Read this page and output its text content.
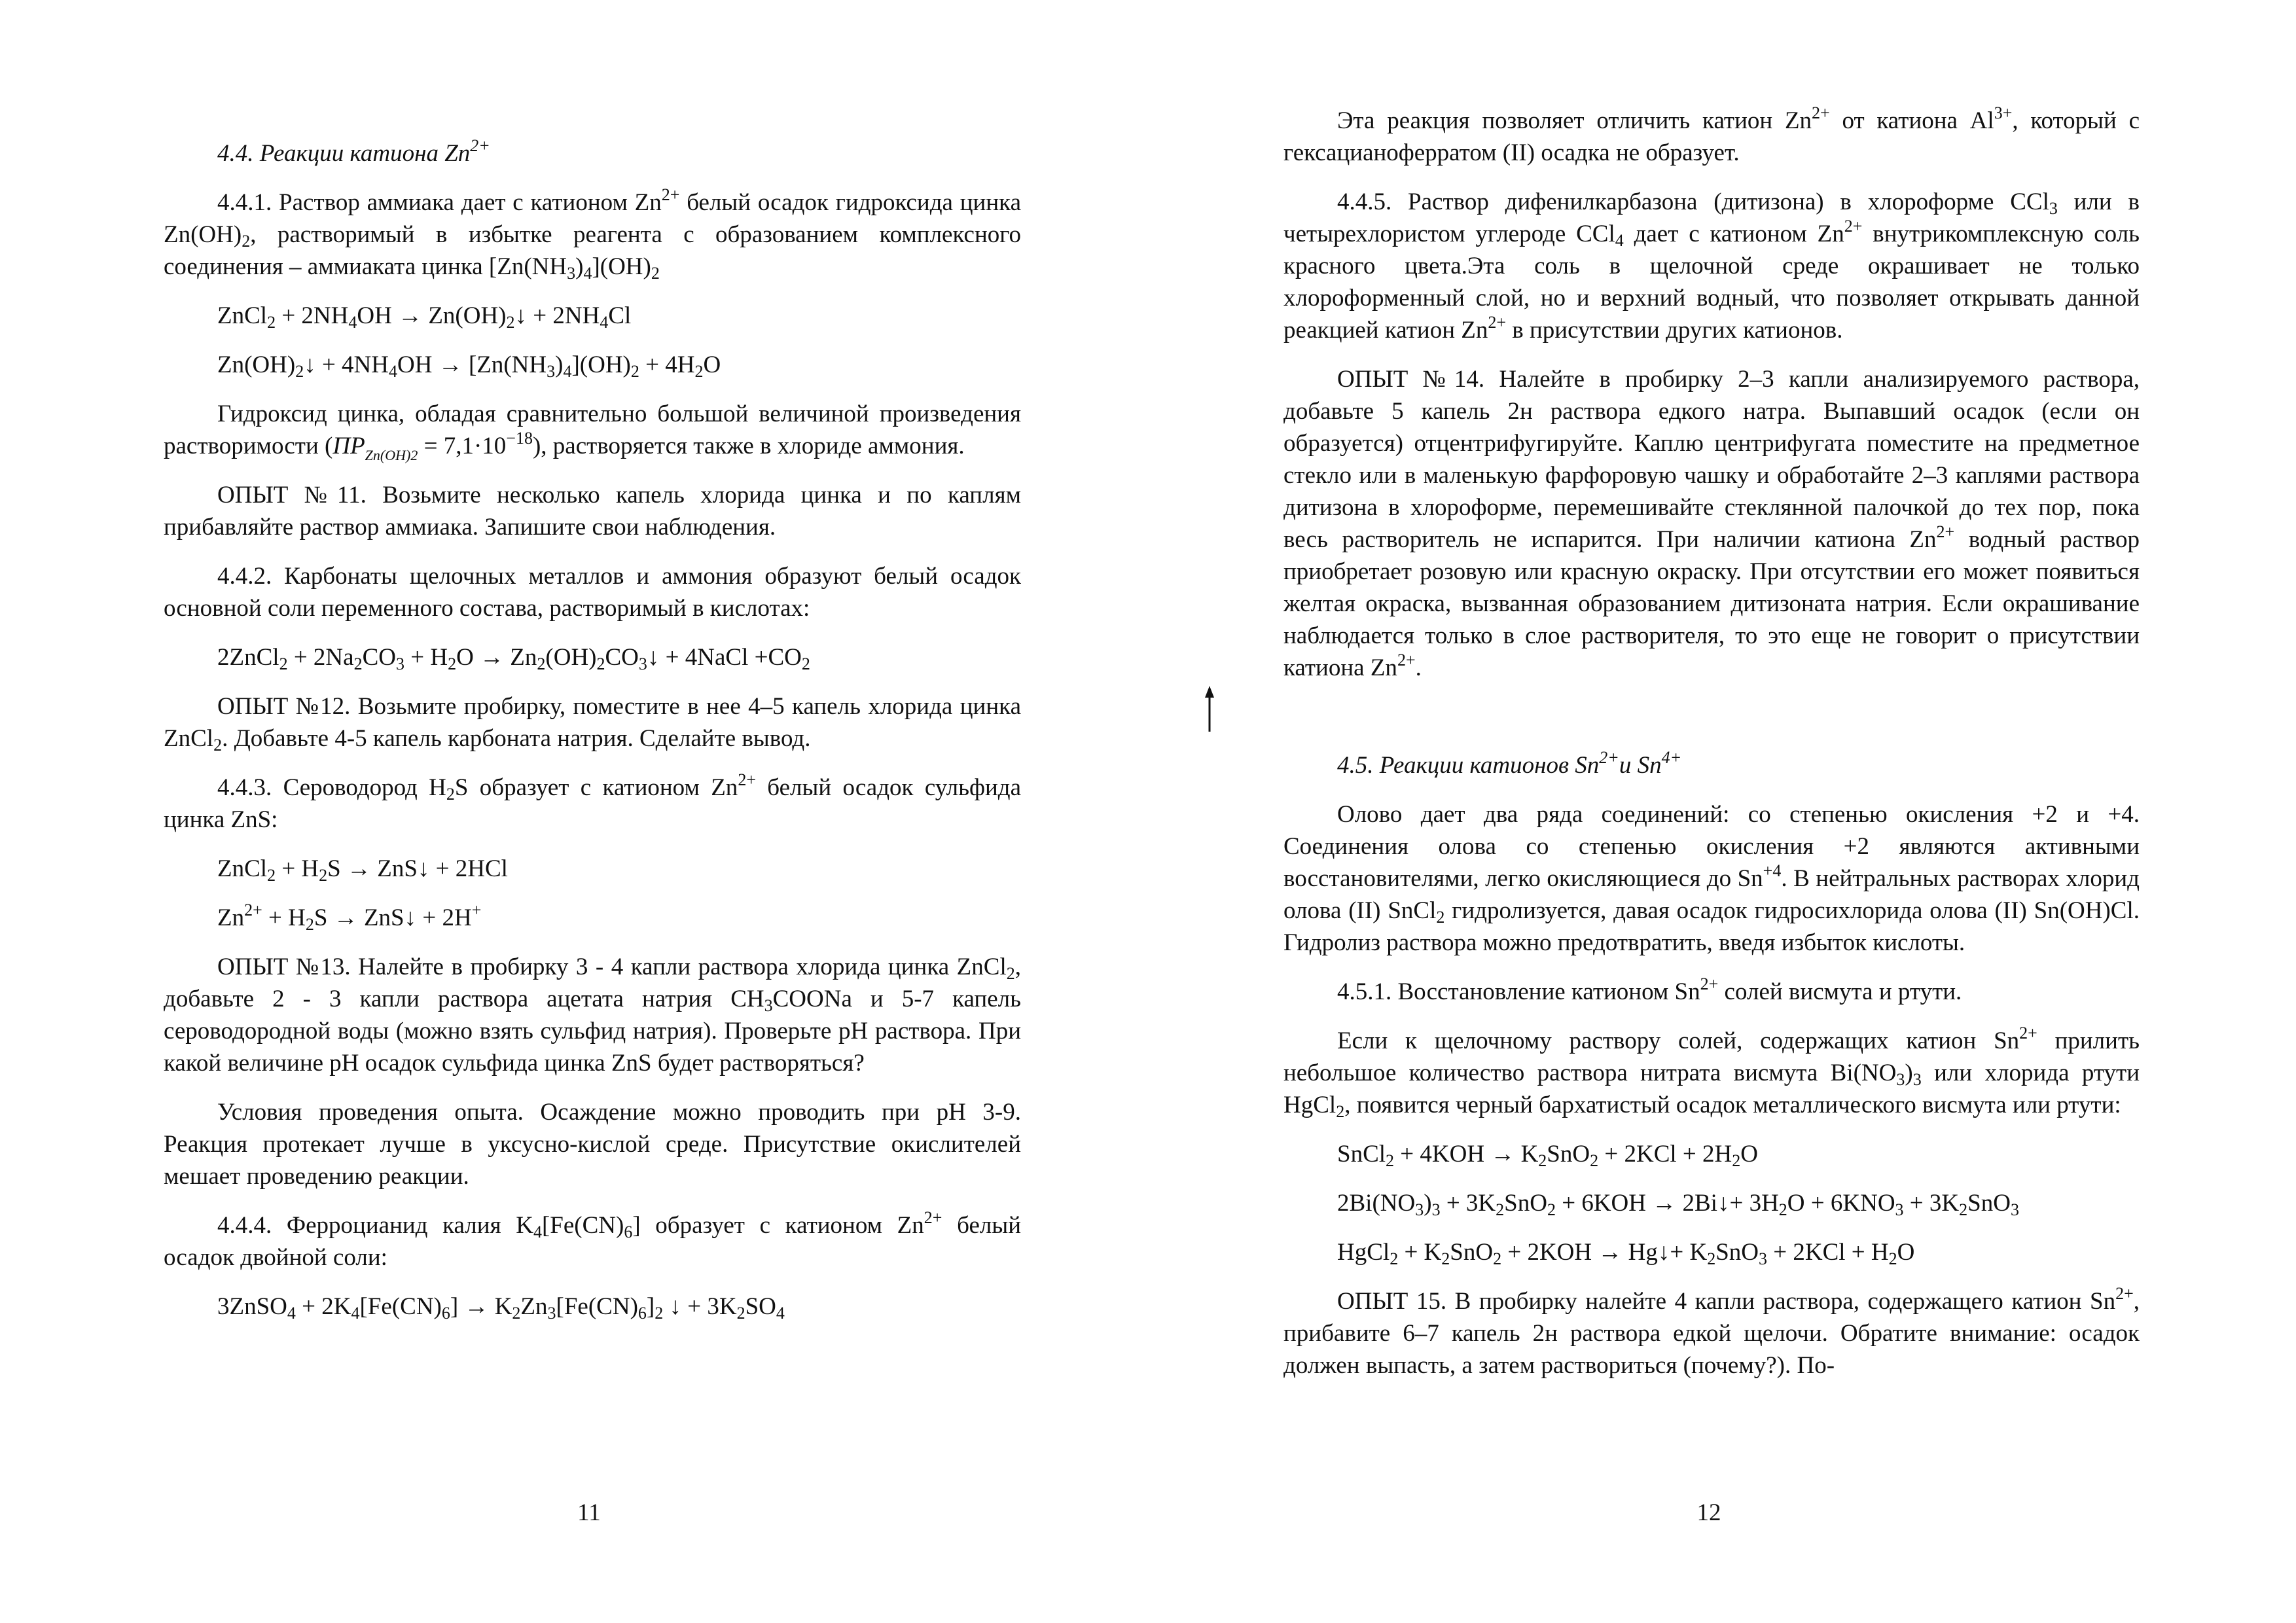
4.4. Реакции катиона $Zn^{2+}$

4.4.1. Раствор аммиака дает с катионом $Zn^{2+}$ белый осадок гидроксида цинка $Zn(OH)_2$, растворимый в избытке реагента с образованием комплексного соединения – аммиаката цинка $[Zn(NH_3)_4](OH)_2$

ZnCl$_2$ + $2NH_4OH$ → $Zn(OH)_2↓ + 2NH_4Cl$
$Zn(OH)_2↓ + 4NH_4OH \to [Zn(NH_3)_4](OH)_2 + 4H_2O$

Гидроксид цинка, обладая сравнительно большой величиной произведения растворимости $(ПР_{Zn(OH)2} = 7,1\cdot 10^{-18})$, растворяется также в хлориде аммония.

ОПЫТ №11. Возьмите несколько капель хлорида цинка и по каплям прибавляйте раствор аммиака. Запишите свои наблюдения.

4.4.2. Карбонаты щелочных металлов и аммония образуют белый осадок основной соли переменного состава, растворимый в кислотах:

2ZnCl$_2$ + $2Na_2CO_3 + H_2O$ → $Zn_2(OH)_2CO_3↓$ + 4NaCl $+CO_2$

ОПЫТ №12. Возьмите пробирку, поместите в нее 4–5 капель хлорида цинка ZnCl$_2$. Добавьте 4-5 капель карбоната натрия. Сделайте вывод.

4.4.3. Сероводород $H_2S$ образует с катионом $Zn^{2+}$ белый осадок сульфида цинка ZnS:

ZnCl$_2$ + $H_2S$ → ZnS↓ + 2HCl
$Zn^{2+} + H_2S$ → ZnS↓ + 2H+

ОПЫТ №13. Налейте в пробирку 3 - 4 капли раствора хлорида цинка ZnCl$_2$, добавьте 2 - 3 капли раствора ацетата натрия $CH_3COONa$ и 5-7 капель сероводородной воды (можно взять сульфид натрия). Проверьте pH раствора. При какой величине pH осадок сульфида цинка ZnS будет растворяться?

Условия проведения опыта. Осаждение можно проводить при pH 3-9. Реакция протекает лучше в уксусно-кислой среде. Присутствие окислителей мешает проведению реакции.

4.4.4. Ферроцианид калия $K_4[Fe(CN)_6]$ образует с катионом $Zn^{2+}$ белый осадок двойной соли:

3ZnSO$_4$ + $2K_4[Fe(CN)_6] \to K_2Zn_3[Fe(CN)_6]_2$ ↓ + $3K_2SO_4$
11

Эта реакция позволяет отличить катион $Zn^{2+}$ от катиона $Al^{3+}$, который с гексацианоферратом (II) осадка не образует.

4.4.5. Раствор дифенилкарбазона (дитизона) в хлороформе CCl$_3$ или в четырехлористом углероде CCl$_4$ дает с катионом $Zn^{2+}$ внутрикомплексную соль красного цвета.Эта соль в щелочной среде окрашивает не только хлороформенный слой, но и верхний водный, что позволяет открывать данной реакцией катион $Zn^{2+}$ в присутствии других катионов.

ОПЫТ №14. Налейте в пробирку 2–3 капли анализируемого раствора, добавьте 5 капель 2н раствора едкого натра. Выпавший осадок (если он образуется) отцентрифугируйте. Каплю центрифугата поместите на предметное стекло или в маленькую фарфоровую чашку и обработайте 2–3 каплями раствора дитизона в хлороформе, перемешивайте стеклянной палочкой до тех пор, пока весь растворитель не испарится. При наличии катиона $Zn^{2+}$ водный раствор приобретает розовую или красную окраску. При отсутствии его может появиться желтая окраска, вызванная образованием дитизоната натрия. Если окрашивание наблюдается только в слое растворителя, то это еще не говорит о присутствии катиона $Zn^{2+}$.

4.5. Реакции катионов $Sn^{2+}и$ $Sn^{4+}$

Олово дает два ряда соединений: со степенью окисления +2 и +4. Соединения олова со степенью окисления +2 являются активными восстановителями, легко окисляющиеся до $Sn^{+4}$. В нейтральных растворах хлорид олова (II) SnCl$_2$ гидролизуется, давая осадок гидросихлорида олова (II) Sn(OH)Cl. Гидролиз раствора можно предотвратить, введя избыток кислоты.

4.5.1. Восстановление катионом $Sn^{2+}$ солей висмута и ртути.

Если к щелочному раствору солей, содержащих катион $Sn^{2+}$ прилить небольшое количество раствора нитрата висмута $Bi(NO_3)_3$ или хлорида ртути HgCl$_2$, появится черный бархатистый осадок металлического висмута или ртути:

SnCl$_2$ + $4KOH \to K_2SnO_2 + 2KCl + 2H_2O$
$2Bi(NO_3)_3 + 3K_2SnO_2 + 6KOH$ → 2Bi↓+ $3H_2O + 6KNO_3 + 3K_2SnO_3$
HgCl$_2$ + $K_2SnO_2 + 2KOH$ → Hg↓+ $K_2SnO_3 + 2KCl + H_2O$

ОПЫТ 15. В пробирку налейте 4 капли раствора, содержащего катион $Sn^{2+}$, прибавите 6–7 капель 2н раствора едкой щелочи. Обратите внимание: осадок должен выпасть, а затем раствориться (почему?). По-

12
